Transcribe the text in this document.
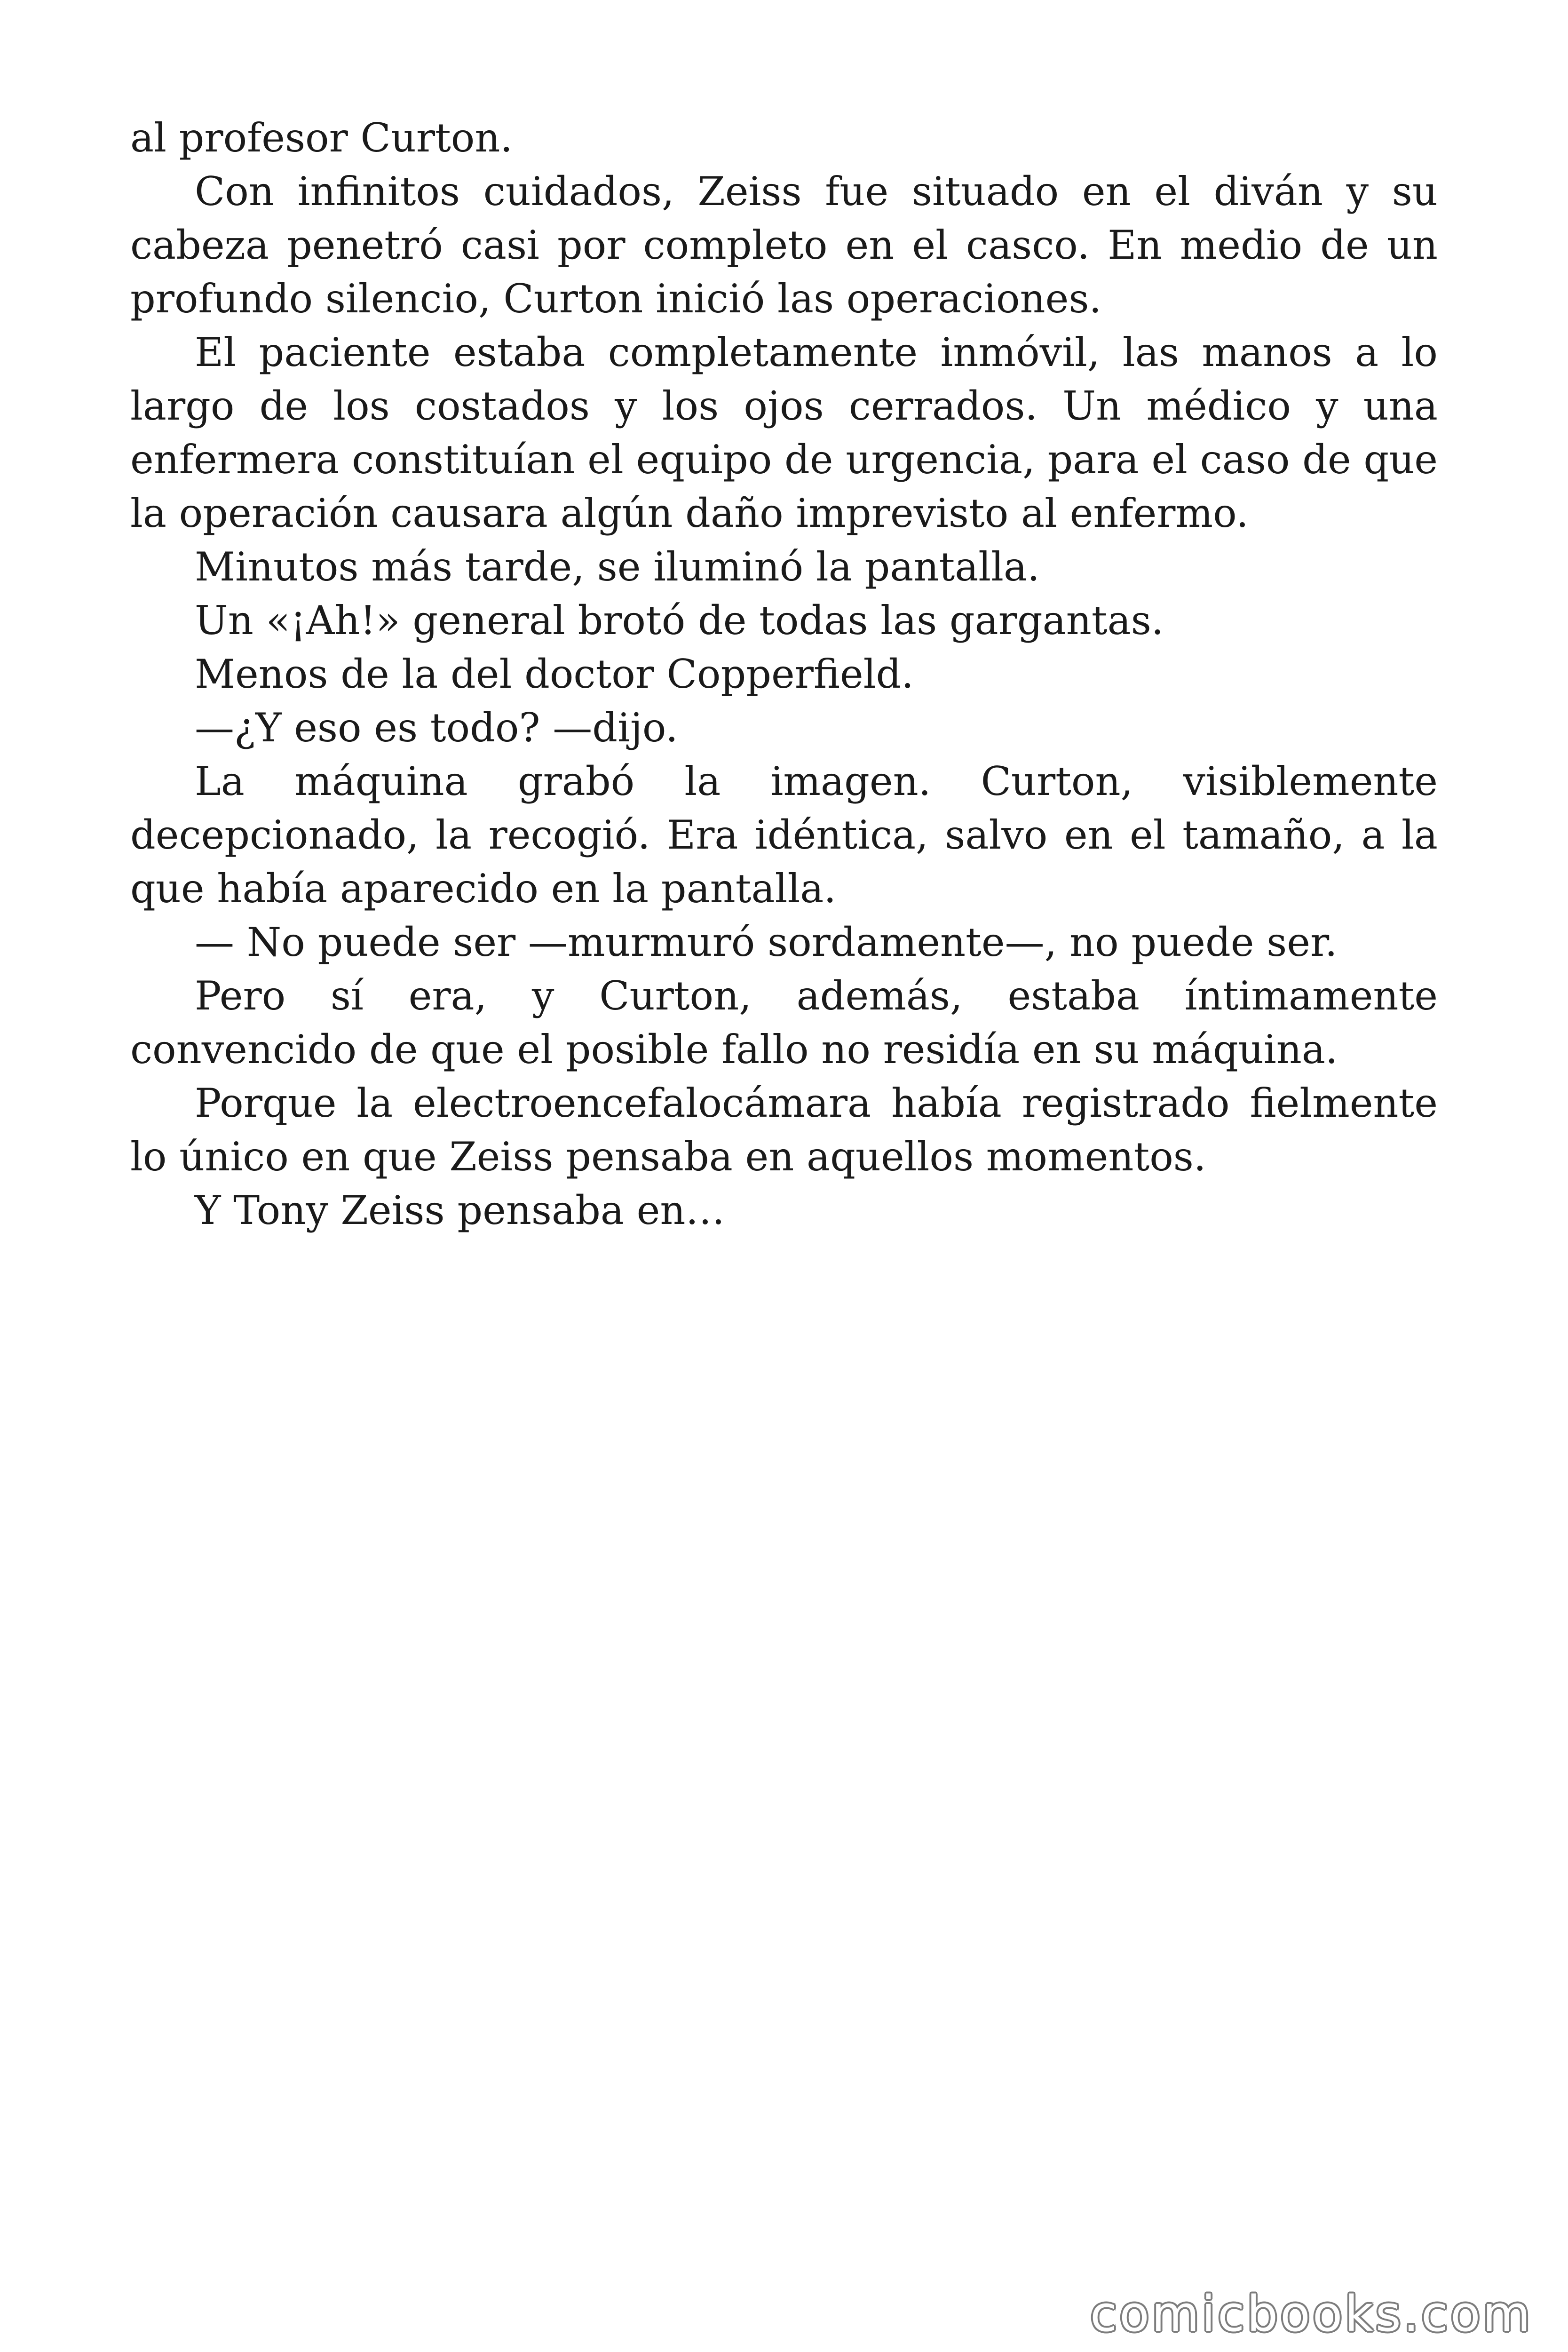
al profesor Curton.

Con infinitos cuidados, Zeiss fue situado en el diván y su cabeza penetró casi por completo en el casco. En medio de un profundo silencio, Curton inició las operaciones.

El paciente estaba completamente inmóvil, las manos a lo largo de los costados y los ojos cerrados. Un médico y una enfermera constituían el equipo de urgencia, para el caso de que la operación causara algún daño imprevisto al enfermo.

Minutos más tarde, se iluminó la pantalla.

Un «¡Ah!» general brotó de todas las gargantas.

Menos de la del doctor Copperfield.

—¿Y eso es todo? —dijo.

La máquina grabó la imagen. Curton, visiblemente decepcionado, la recogió. Era idéntica, salvo en el tamaño, a la que había aparecido en la pantalla.

— No puede ser —murmuró sordamente—, no puede ser.

Pero sí era, y Curton, además, estaba íntimamente convencido de que el posible fallo no residía en su máquina.

Porque la electroencefalocámara había registrado fielmente lo único en que Zeiss pensaba en aquellos momentos.

Y Tony Zeiss pensaba en…

comicbooks.com
